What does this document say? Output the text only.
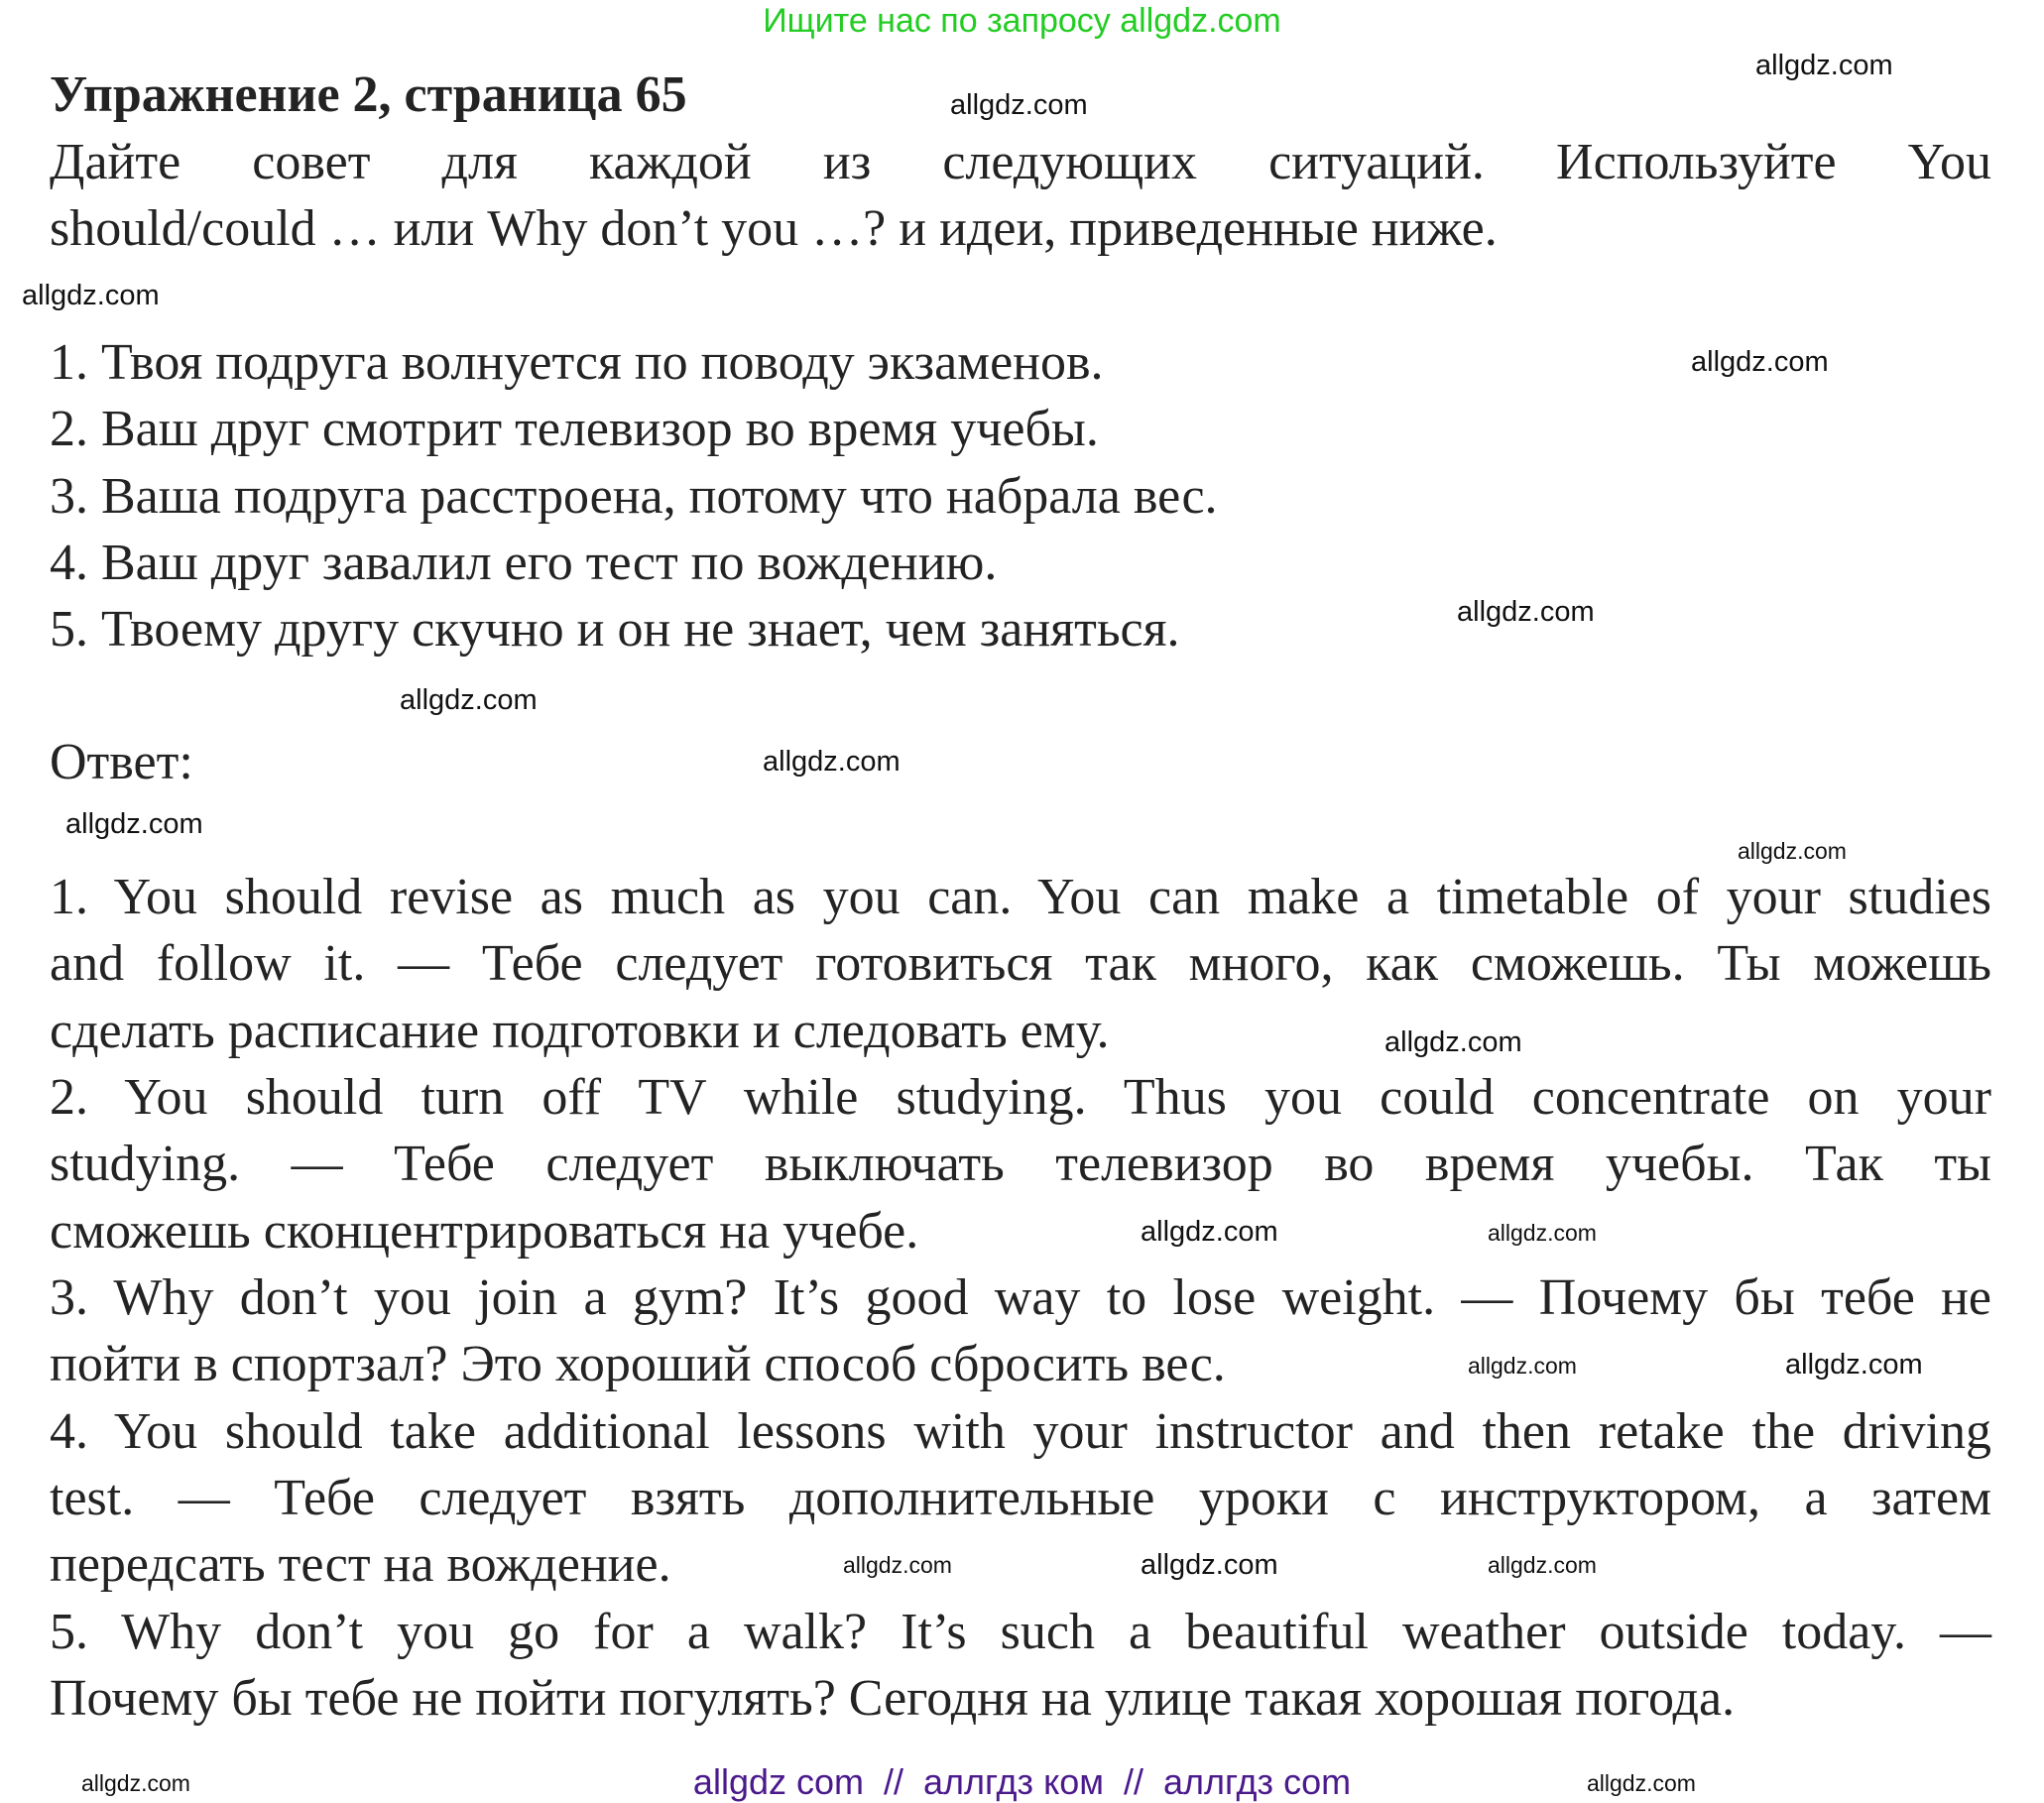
Ищите нас по запросу allgdz.com
Упражнение 2, страница 65
Дайте совет для каждой из следующих ситуаций. Используйте You
should/could … или Why don’t you …? и идеи, приведенные ниже.
1. Твоя подруга волнуется по поводу экзаменов.
2. Ваш друг смотрит телевизор во время учебы.
3. Ваша подруга расстроена, потому что набрала вес.
4. Ваш друг завалил его тест по вождению.
5. Твоему другу скучно и он не знает, чем заняться.
Ответ:
1. You should revise as much as you can. You can make a timetable of your studies
and follow it. — Тебе следует готовиться так много, как сможешь. Ты можешь
сделать расписание подготовки и следовать ему.
2. You should turn off TV while studying. Thus you could concentrate on your
studying. — Тебе следует выключать телевизор во время учебы. Так ты
сможешь сконцентрироваться на учебе.
3. Why don’t you join a gym? It’s good way to lose weight. — Почему бы тебе не
пойти в спортзал? Это хороший способ сбросить вес.
4. You should take additional lessons with your instructor and then retake the driving
test. — Тебе следует взять дополнительные уроки с инструктором, а затем
передсать тест на вождение.
5. Why don’t you go for a walk? It’s such a beautiful weather outside today. —
Почему бы тебе не пойти погулять? Сегодня на улице такая хорошая погода.
allgdz.com
allgdz.com
allgdz.com
allgdz.com
allgdz.com
allgdz.com
allgdz.com
allgdz.com
allgdz.com
allgdz.com
allgdz.com
allgdz.com
allgdz.com	allgdz.com
allgdz.com	allgdz.com	allgdz.com
allgdz.com
allgdz.com	allgdz com  //  аллгдз ком  //  аллгдз com
